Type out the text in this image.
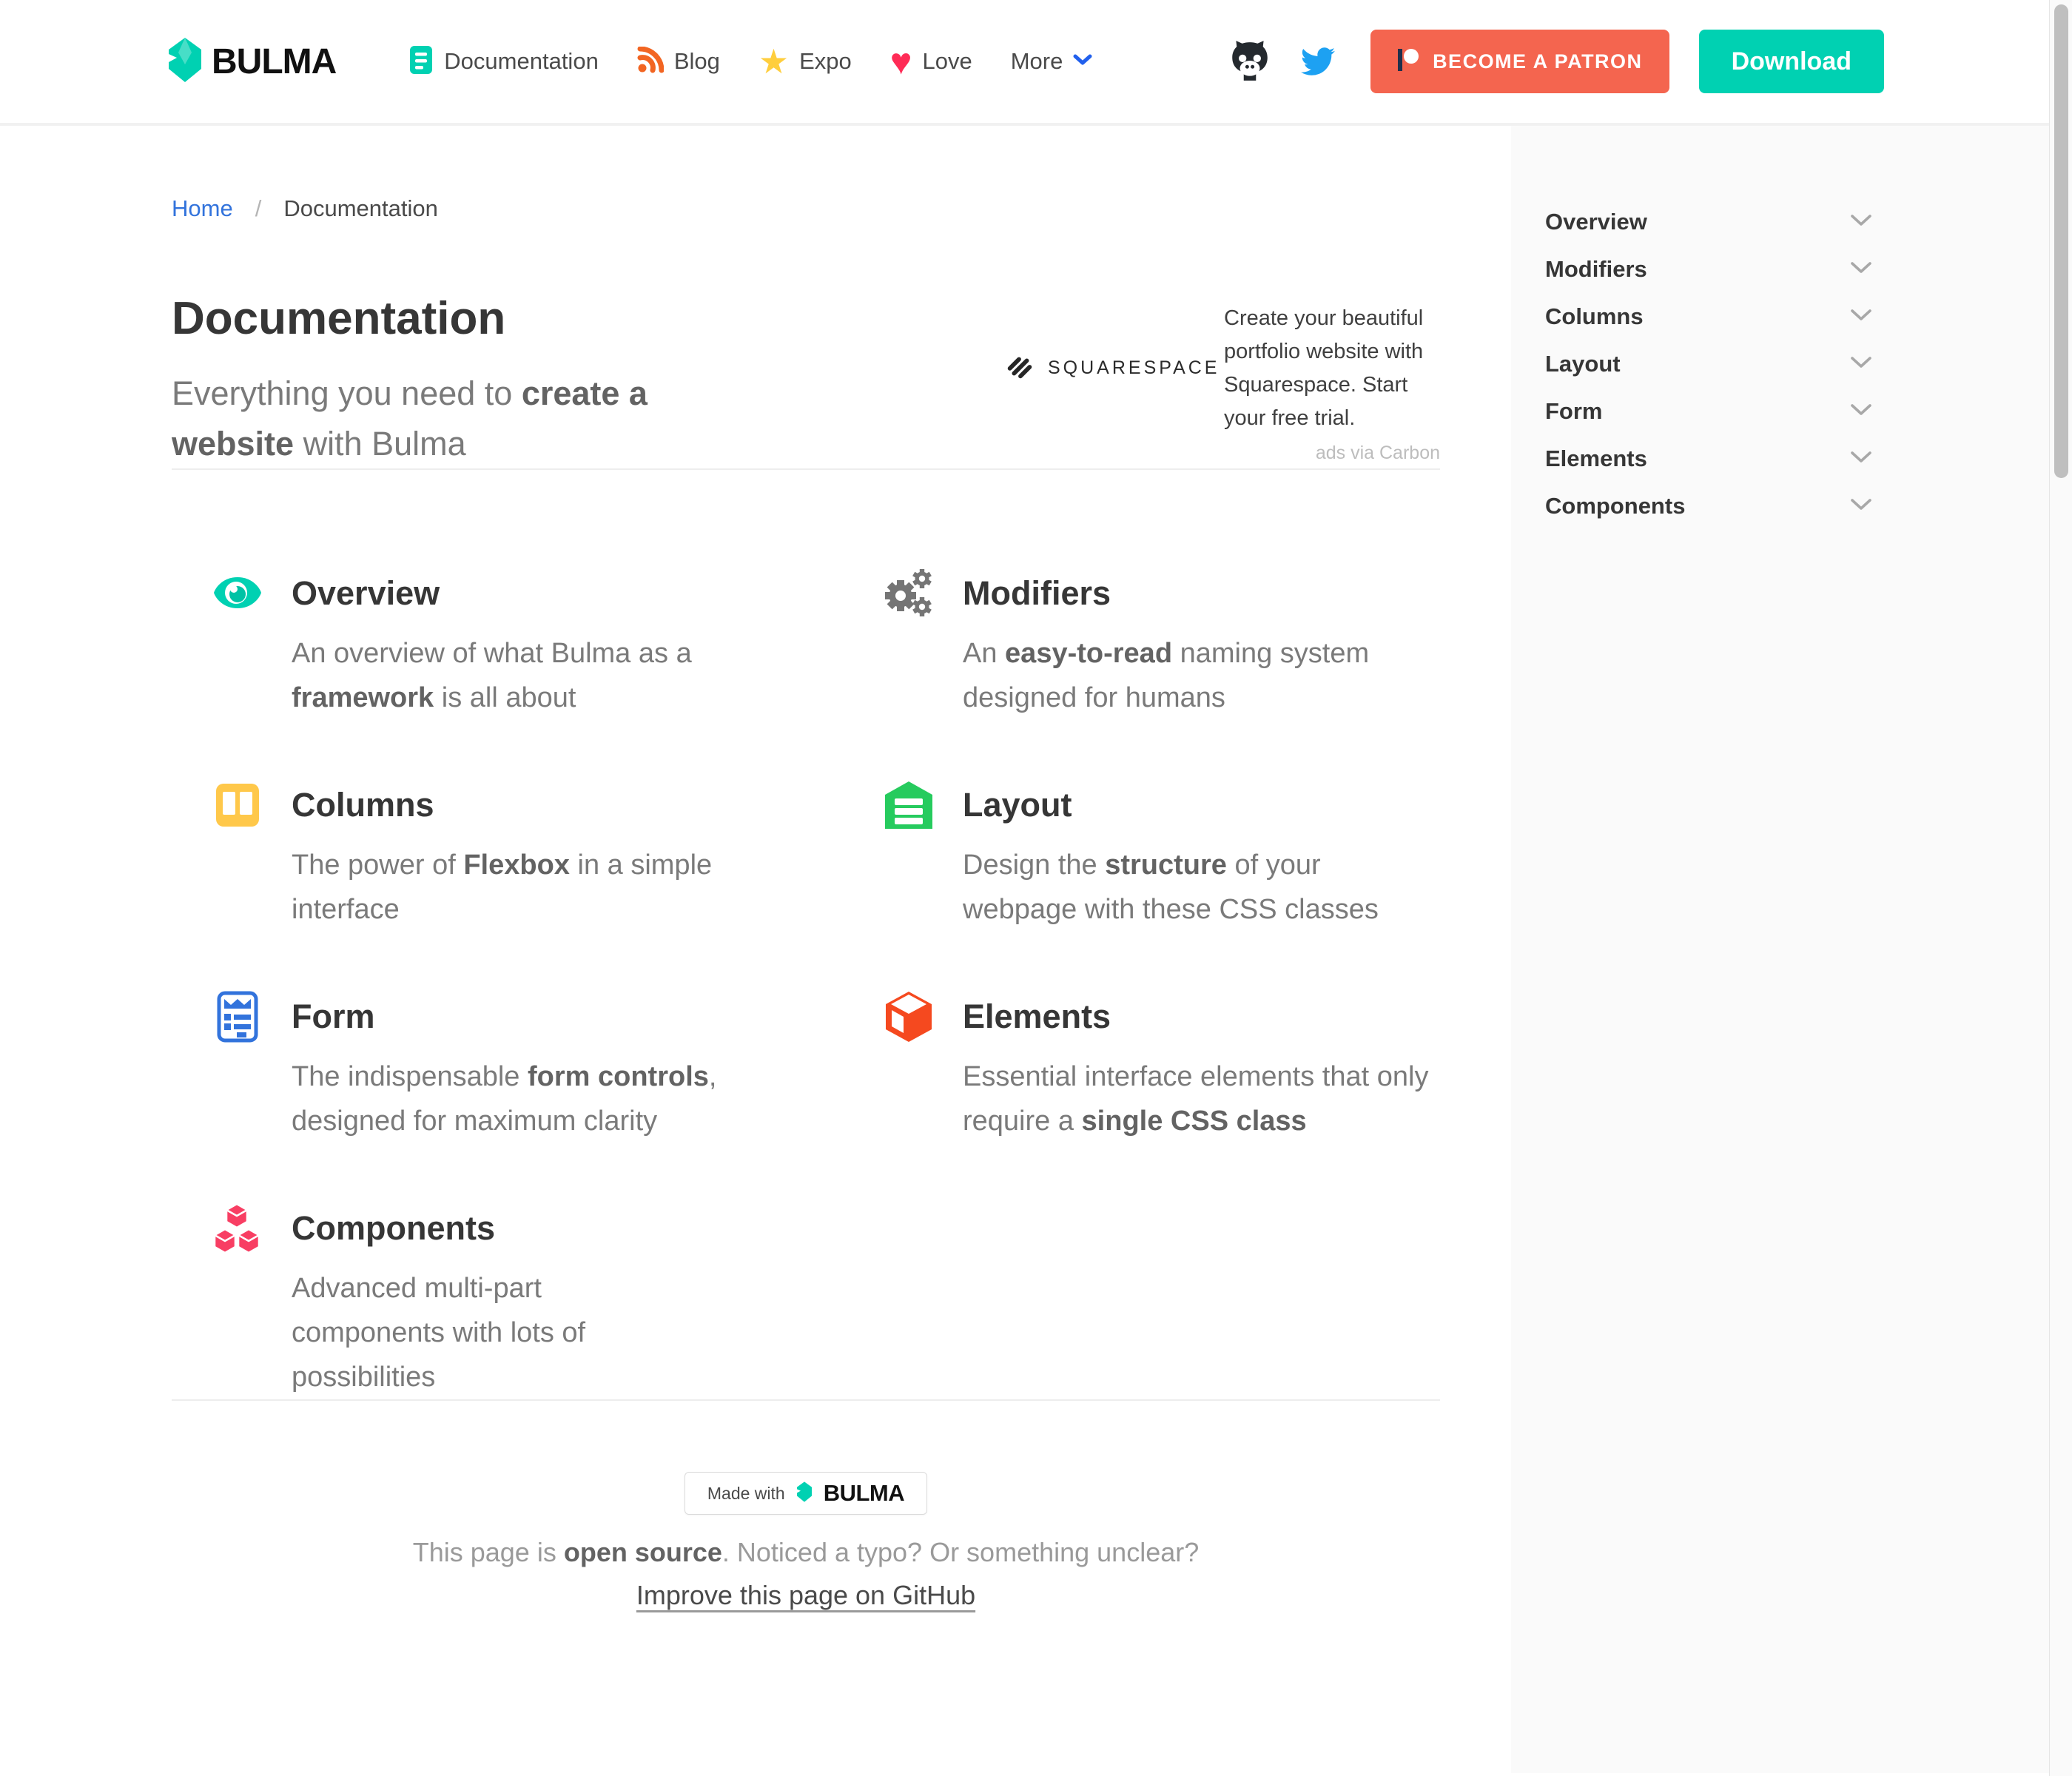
BULMA	Documentation	Blog ★ Expo ♥ Love More	BECOME A PATRON	Download
Home / Documentation
Documentation
Everything you need to create a website with Bulma
SQUARESPACE
Create your beautiful portfolio website with Squarespace. Start your free trial.
ads via Carbon
Overview

An overview of what Bulma as a framework is all about

Modifiers

An easy-to-read naming system designed for humans

Columns

The power of Flexbox in a simple interface

Layout

Design the structure of your webpage with these CSS classes

Form

The indispensable form controls, designed for maximum clarity

Elements

Essential interface elements that only require a single CSS class

Components

Advanced multi-part components with lots of possibilities

Made with BULMA
This page is open source. Noticed a typo? Or something unclear?
Improve this page on GitHub
Overview
Modifiers
Columns
Layout
Form
Elements
Components
